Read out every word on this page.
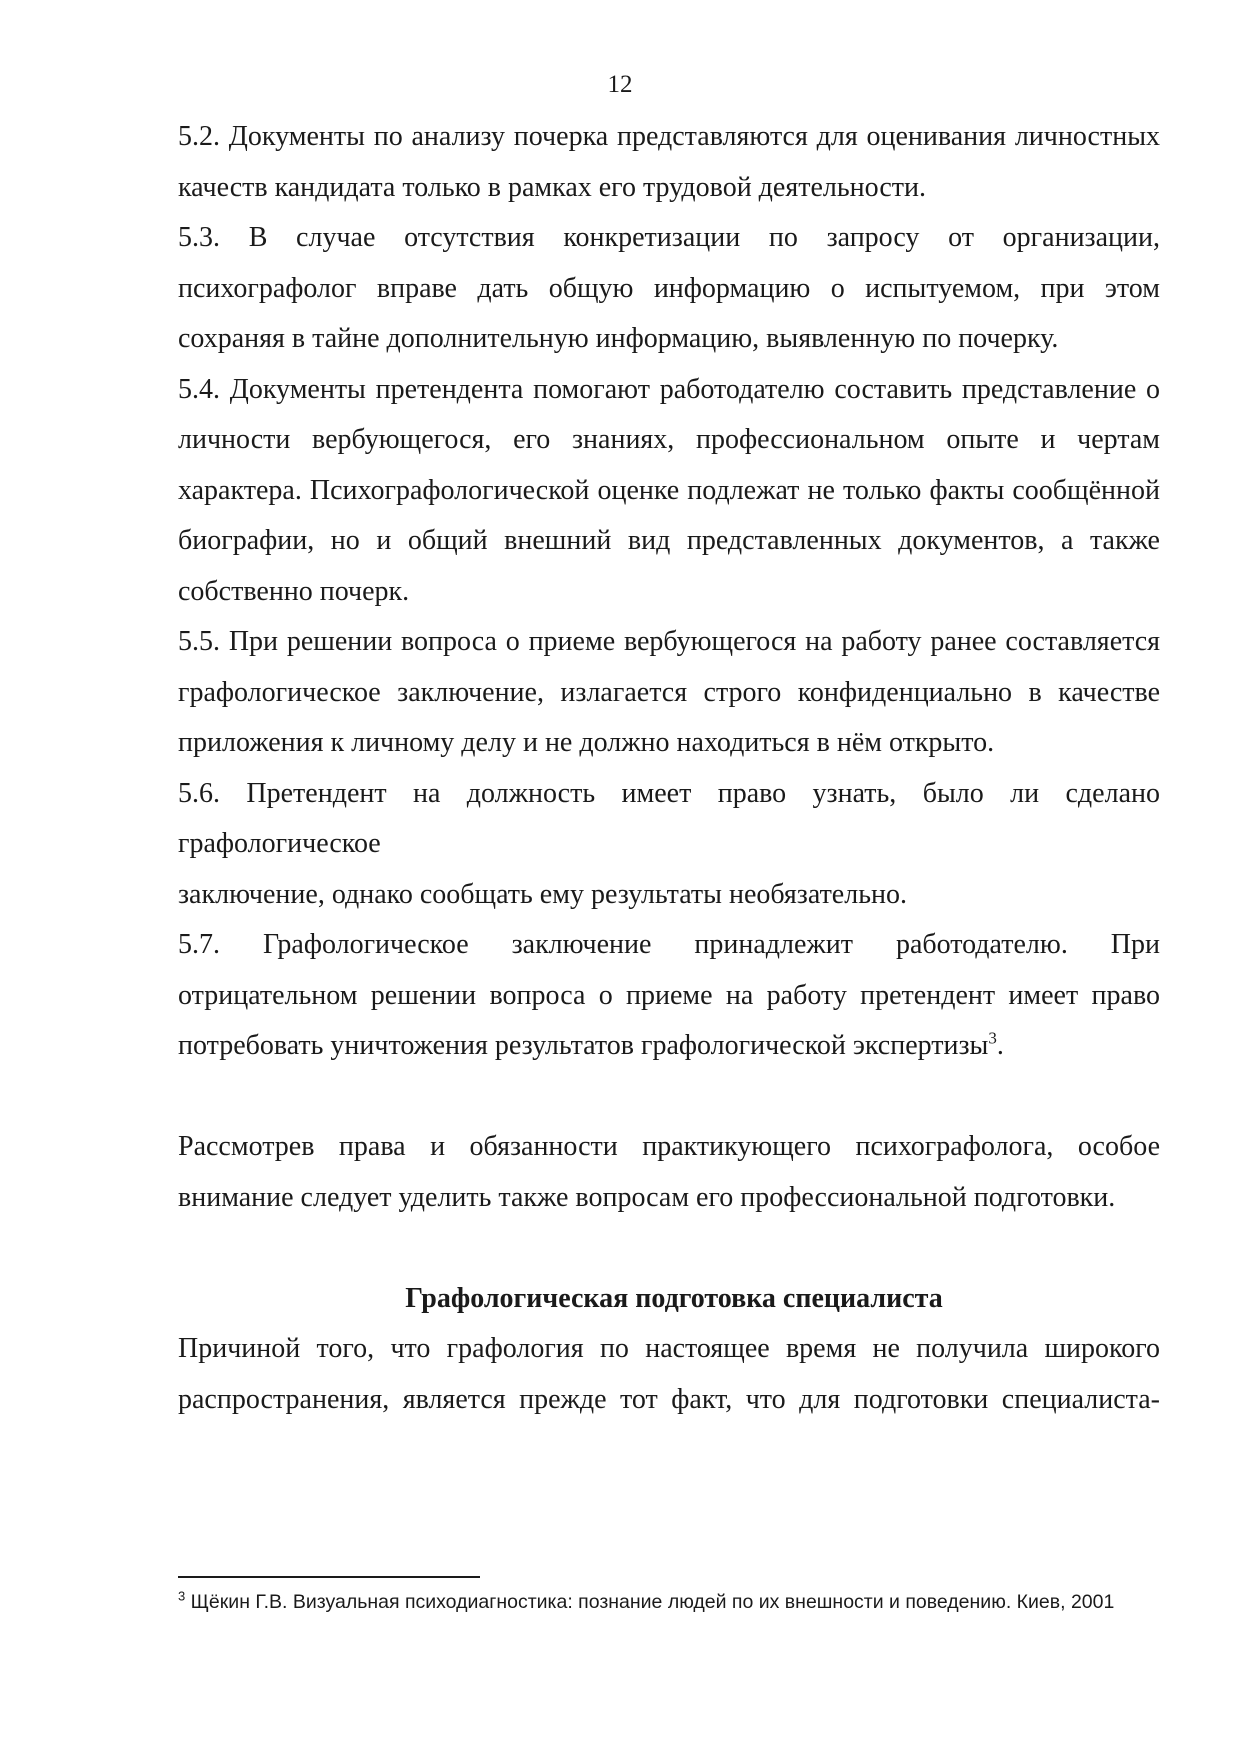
12

5.2. Документы по анализу почерка представляются для оценивания личностных качеств кандидата только в рамках его трудовой деятельности.

5.3. В случае отсутствия конкретизации по запросу от организации, психографолог вправе дать общую информацию о испытуемом, при этом сохраняя в тайне дополнительную информацию, выявленную по почерку.

5.4. Документы претендента помогают работодателю составить представление о личности вербующегося, его знаниях, профессиональном опыте и чертам характера. Психографологической оценке подлежат не только факты сообщённой биографии, но и общий внешний вид представленных документов, а также собственно почерк.

5.5. При решении вопроса о приеме вербующегося на работу ранее составляется графологическое заключение, излагается строго конфиденциально в качестве приложения к личному делу и не должно находиться в нём открыто.

5.6. Претендент на должность имеет право узнать, было ли сделано графологическое

заключение, однако сообщать ему результаты необязательно.

5.7. Графологическое заключение принадлежит работодателю. При отрицательном решении вопроса о приеме на работу претендент имеет право потребовать уничтожения результатов графологической экспертизы$^3$.

Рассмотрев права и обязанности практикующего психографолога, особое внимание следует уделить также вопросам его профессиональной подготовки.

Графологическая подготовка специалиста

Причиной того, что графология по настоящее время не получила широкого распространения, является прежде тот факт, что для подготовки специалиста-

$^3$ Щёкин Г.В. Визуальная психодиагностика: познание людей по их внешности и поведению. Киев, 2001
